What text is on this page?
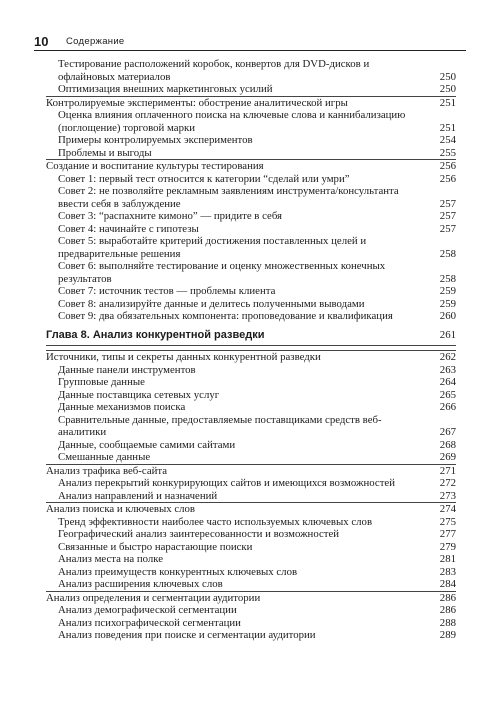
10 Содержание
Тестирование расположений коробок, конвертов для DVD-дисков и офлайновых материалов	250
Оптимизация внешних маркетинговых усилий	250
Контролируемые эксперименты: обострение аналитической игры	251
Оценка влияния оплаченного поиска на ключевые слова и каннибализацию (поглощение) торговой марки	251
Примеры контролируемых экспериментов	254
Проблемы и выгоды	255
Создание и воспитание культуры тестирования	256
Совет 1: первый тест относится к категории “сделай или умри”	256
Совет 2: не позволяйте рекламным заявлениям инструмента/консультанта ввести себя в заблуждение	257
Совет 3: “распахните кимоно” — придите в себя	257
Совет 4: начинайте с гипотезы	257
Совет 5: выработайте критерий достижения поставленных целей и предварительные решения	258
Совет 6: выполняйте тестирование и оценку множественных конечных результатов	258
Совет 7: источник тестов — проблемы клиента	259
Совет 8: анализируйте данные и делитесь полученными выводами	259
Совет 9: два обязательных компонента: проповедование и квалификация	260
Глава 8. Анализ конкурентной разведки	261
Источники, типы и секреты данных конкурентной разведки	262
Данные панели инструментов	263
Групповые данные	264
Данные поставщика сетевых услуг	265
Данные механизмов поиска	266
Сравнительные данные, предоставляемые поставщиками средств веб-аналитики	267
Данные, сообщаемые самими сайтами	268
Смешанные данные	269
Анализ трафика веб-сайта	271
Анализ перекрытий конкурирующих сайтов и имеющихся возможностей	272
Анализ направлений и назначений	273
Анализ поиска и ключевых слов	274
Тренд эффективности наиболее часто используемых ключевых слов	275
Географический анализ заинтересованности и возможностей	277
Связанные и быстро нарастающие поиски	279
Анализ места на полке	281
Анализ преимуществ конкурентных ключевых слов	283
Анализ расширения ключевых слов	284
Анализ определения и сегментации аудитории	286
Анализ демографической сегментации	286
Анализ психографической сегментации	288
Анализ поведения при поиске и сегментации аудитории	289
